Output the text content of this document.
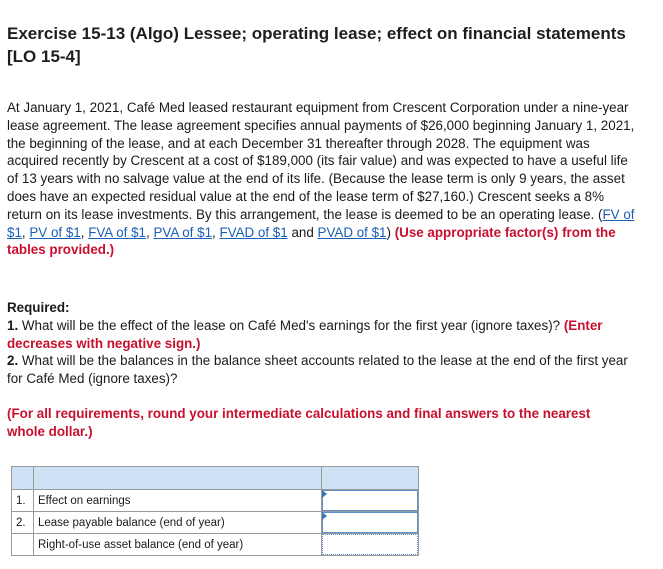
Exercise 15-13 (Algo) Lessee; operating lease; effect on financial statements [LO 15-4]

At January 1, 2021, Café Med leased restaurant equipment from Crescent Corporation under a nine-year lease agreement. The lease agreement specifies annual payments of $26,000 beginning January 1, 2021, the beginning of the lease, and at each December 31 thereafter through 2028. The equipment was acquired recently by Crescent at a cost of $189,000 (its fair value) and was expected to have a useful life of 13 years with no salvage value at the end of its life. (Because the lease term is only 9 years, the asset does have an expected residual value at the end of the lease term of $27,160.) Crescent seeks a 8% return on its lease investments. By this arrangement, the lease is deemed to be an operating lease. (FV of $1, PV of $1, FVA of $1, PVA of $1, FVAD of $1 and PVAD of $1) (Use appropriate factor(s) from the tables provided.)

Required:
1. What will be the effect of the lease on Café Med's earnings for the first year (ignore taxes)? (Enter decreases with negative sign.)
2. What will be the balances in the balance sheet accounts related to the lease at the end of the first year for Café Med (ignore taxes)?

(For all requirements, round your intermediate calculations and final answers to the nearest whole dollar.)

1.	Effect on earnings	

2.	Lease payable balance (end of year)	

	Right-of-use asset balance (end of year)	
